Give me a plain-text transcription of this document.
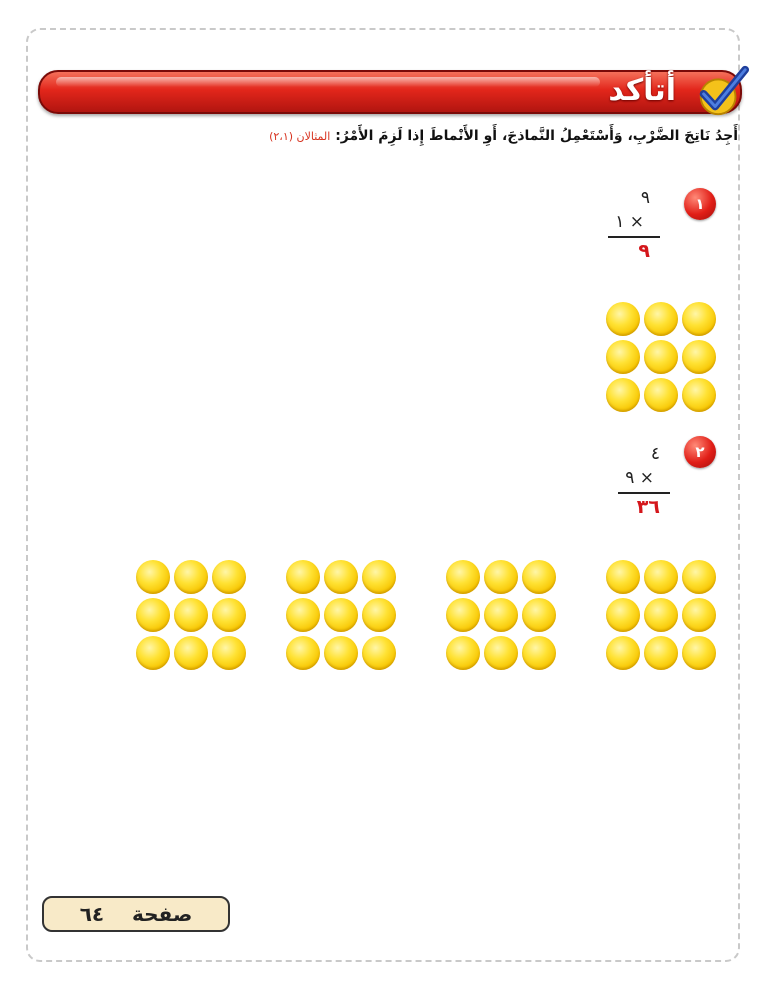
أتأكد
أَجِدُ نَاتِجَ الضَّرْبِ، وَأَسْتَعْمِلُ النَّماذجَ، أَوِ الأَنْماطَ إِذا لَزِمَ الأَمْرُ: المثالان (٢،١)
١
٩
١ ×
٩
٢
٤
٩ ×
٣٦
صفحة    ٦٤
